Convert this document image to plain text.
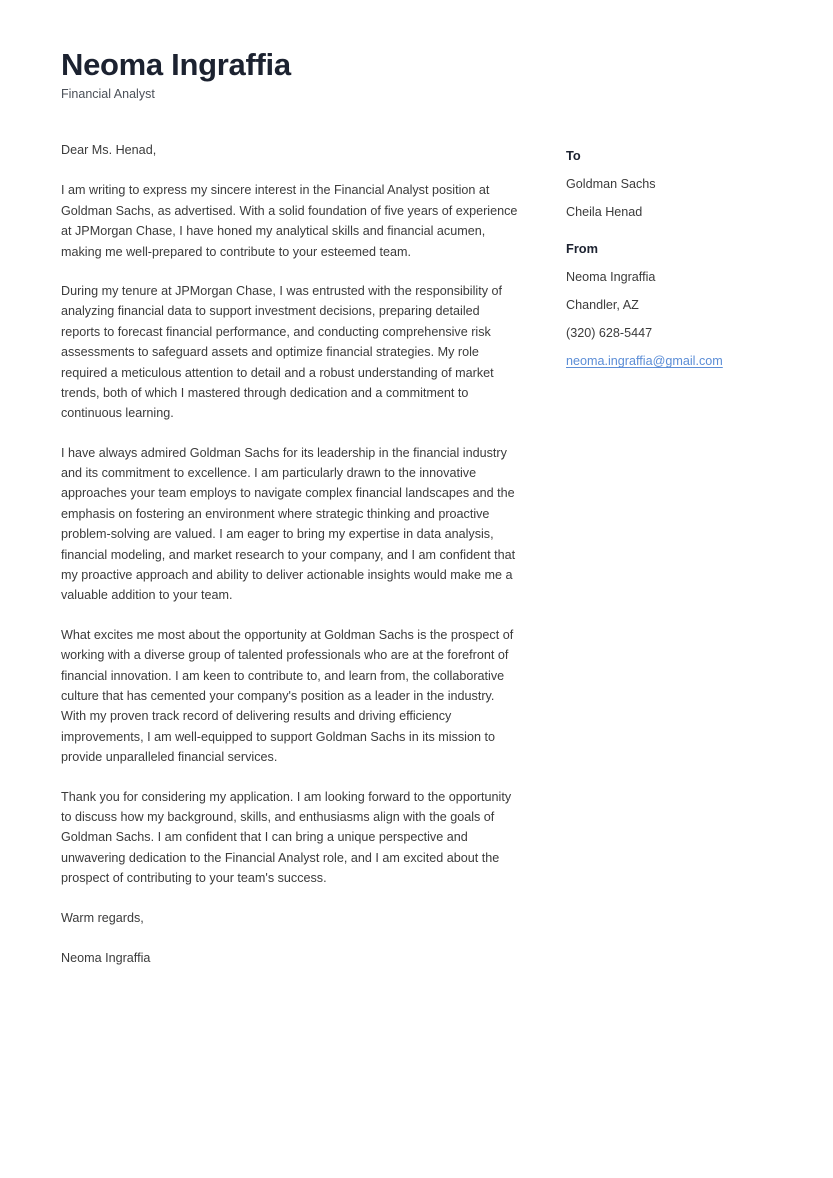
Neoma Ingraffia
Financial Analyst

Dear Ms. Henad,

I am writing to express my sincere interest in the Financial Analyst position at Goldman Sachs, as advertised. With a solid foundation of five years of experience at JPMorgan Chase, I have honed my analytical skills and financial acumen, making me well-prepared to contribute to your esteemed team.

During my tenure at JPMorgan Chase, I was entrusted with the responsibility of analyzing financial data to support investment decisions, preparing detailed reports to forecast financial performance, and conducting comprehensive risk assessments to safeguard assets and optimize financial strategies. My role required a meticulous attention to detail and a robust understanding of market trends, both of which I mastered through dedication and a commitment to continuous learning.

I have always admired Goldman Sachs for its leadership in the financial industry and its commitment to excellence. I am particularly drawn to the innovative approaches your team employs to navigate complex financial landscapes and the emphasis on fostering an environment where strategic thinking and proactive problem-solving are valued. I am eager to bring my expertise in data analysis, financial modeling, and market research to your company, and I am confident that my proactive approach and ability to deliver actionable insights would make me a valuable addition to your team.

What excites me most about the opportunity at Goldman Sachs is the prospect of working with a diverse group of talented professionals who are at the forefront of financial innovation. I am keen to contribute to, and learn from, the collaborative culture that has cemented your company's position as a leader in the industry. With my proven track record of delivering results and driving efficiency improvements, I am well-equipped to support Goldman Sachs in its mission to provide unparalleled financial services.

Thank you for considering my application. I am looking forward to the opportunity to discuss how my background, skills, and enthusiasms align with the goals of Goldman Sachs. I am confident that I can bring a unique perspective and unwavering dedication to the Financial Analyst role, and I am excited about the prospect of contributing to your team's success.

Warm regards,

Neoma Ingraffia

To
Goldman Sachs
Cheila Henad
From
Neoma Ingraffia
Chandler, AZ
(320) 628-5447
neoma.ingraffia@gmail.com
